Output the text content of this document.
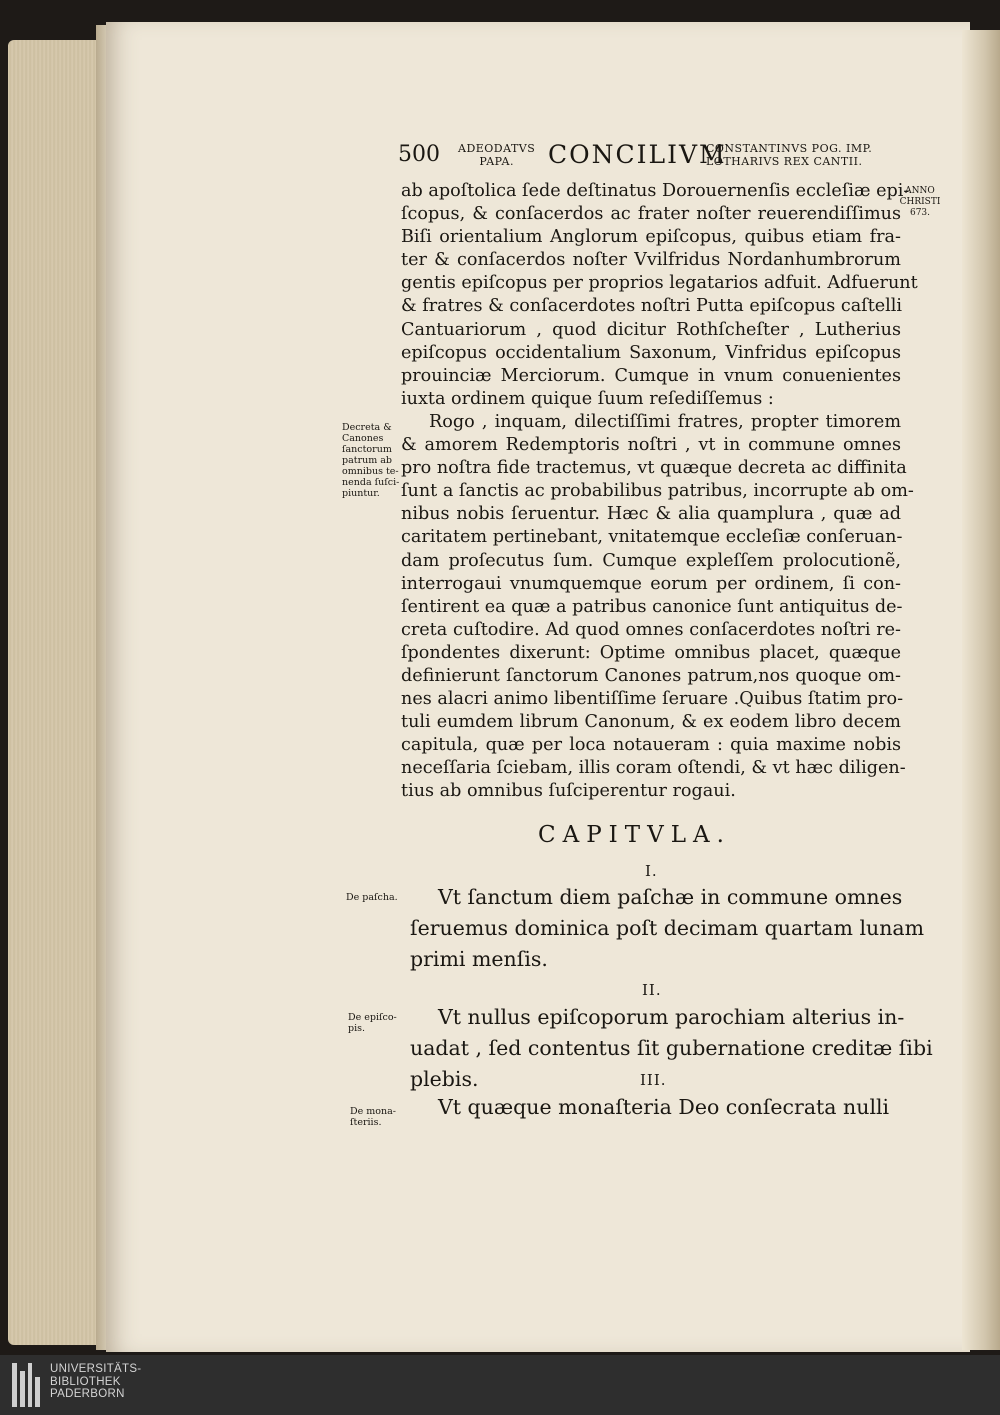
500 ADEODATVS
PAPA.	CONCILIVM
CONSTANTINVS POG. IMP.
LOTHARIVS REX CANTII.
ANNO
CHRISTI
673.
ab apoſtolica ſede deſtinatus Dorouernenſis eccleſiæ epi-
ſcopus, & conſacerdos ac frater noſter reuerendiſſimus
Biſi orientalium Anglorum epiſcopus, quibus etiam fra-
ter & conſacerdos noſter Vvilfridus Nordanhumbrorum
gentis epiſcopus per proprios legatarios adfuit. Adfuerunt
& fratres & conſacerdotes noſtri Putta epiſcopus caſtelli
Cantuariorum , quod dicitur Rothſcheſter , Lutherius
epiſcopus occidentalium Saxonum, Vinfridus epiſcopus
prouinciæ Merciorum. Cumque in vnum conuenientes
iuxta ordinem quique ſuum reſediſſemus :
Rogo , inquam, dilectiſſimi fratres, propter timorem
& amorem Redemptoris noſtri , vt in commune omnes
pro noſtra fide tractemus, vt quæque decreta ac diffinita
ſunt a ſanctis ac probabilibus patribus, incorrupte ab om-
nibus nobis ſeruentur. Hæc & alia quamplura , quæ ad
caritatem pertinebant, vnitatemque eccleſiæ conſeruan-
dam proſecutus ſum. Cumque expleſſem prolocutionẽ,
interrogaui vnumquemque eorum per ordinem, ſi con-
ſentirent ea quæ a patribus canonice ſunt antiquitus de-
creta cuſtodire. Ad quod omnes conſacerdotes noſtri re-
ſpondentes dixerunt: Optime omnibus placet, quæque
definierunt ſanctorum Canones patrum,nos quoque om-
nes alacri animo libentiſſime ſeruare .Quibus ſtatim pro-
tuli eumdem librum Canonum, & ex eodem libro decem
capitula, quæ per loca notaueram : quia maxime nobis
neceſſaria ſciebam, illis coram oſtendi, & vt hæc diligen-
tius ab omnibus ſuſciperentur rogaui.
Decreta &
Canones
ſanctorum
patrum ab
omnibus te-
nenda ſuſci-
piuntur.
CAPITVLA.
I.
De paſcha.	Vt ſanctum diem paſchæ in commune omnes
ſeruemus dominica poſt decimam quartam lunam
primi menſis.
II.
De epiſco-
pis.	Vt nullus epiſcoporum parochiam alterius in-
uadat , ſed contentus ſit gubernatione creditæ ſibi
plebis.	III.
De mona-
ſteriis.
Vt quæque monaſteria Deo conſecrata nulli
UNIVERSITÄTS-
BIBLIOTHEK
PADERBORN
